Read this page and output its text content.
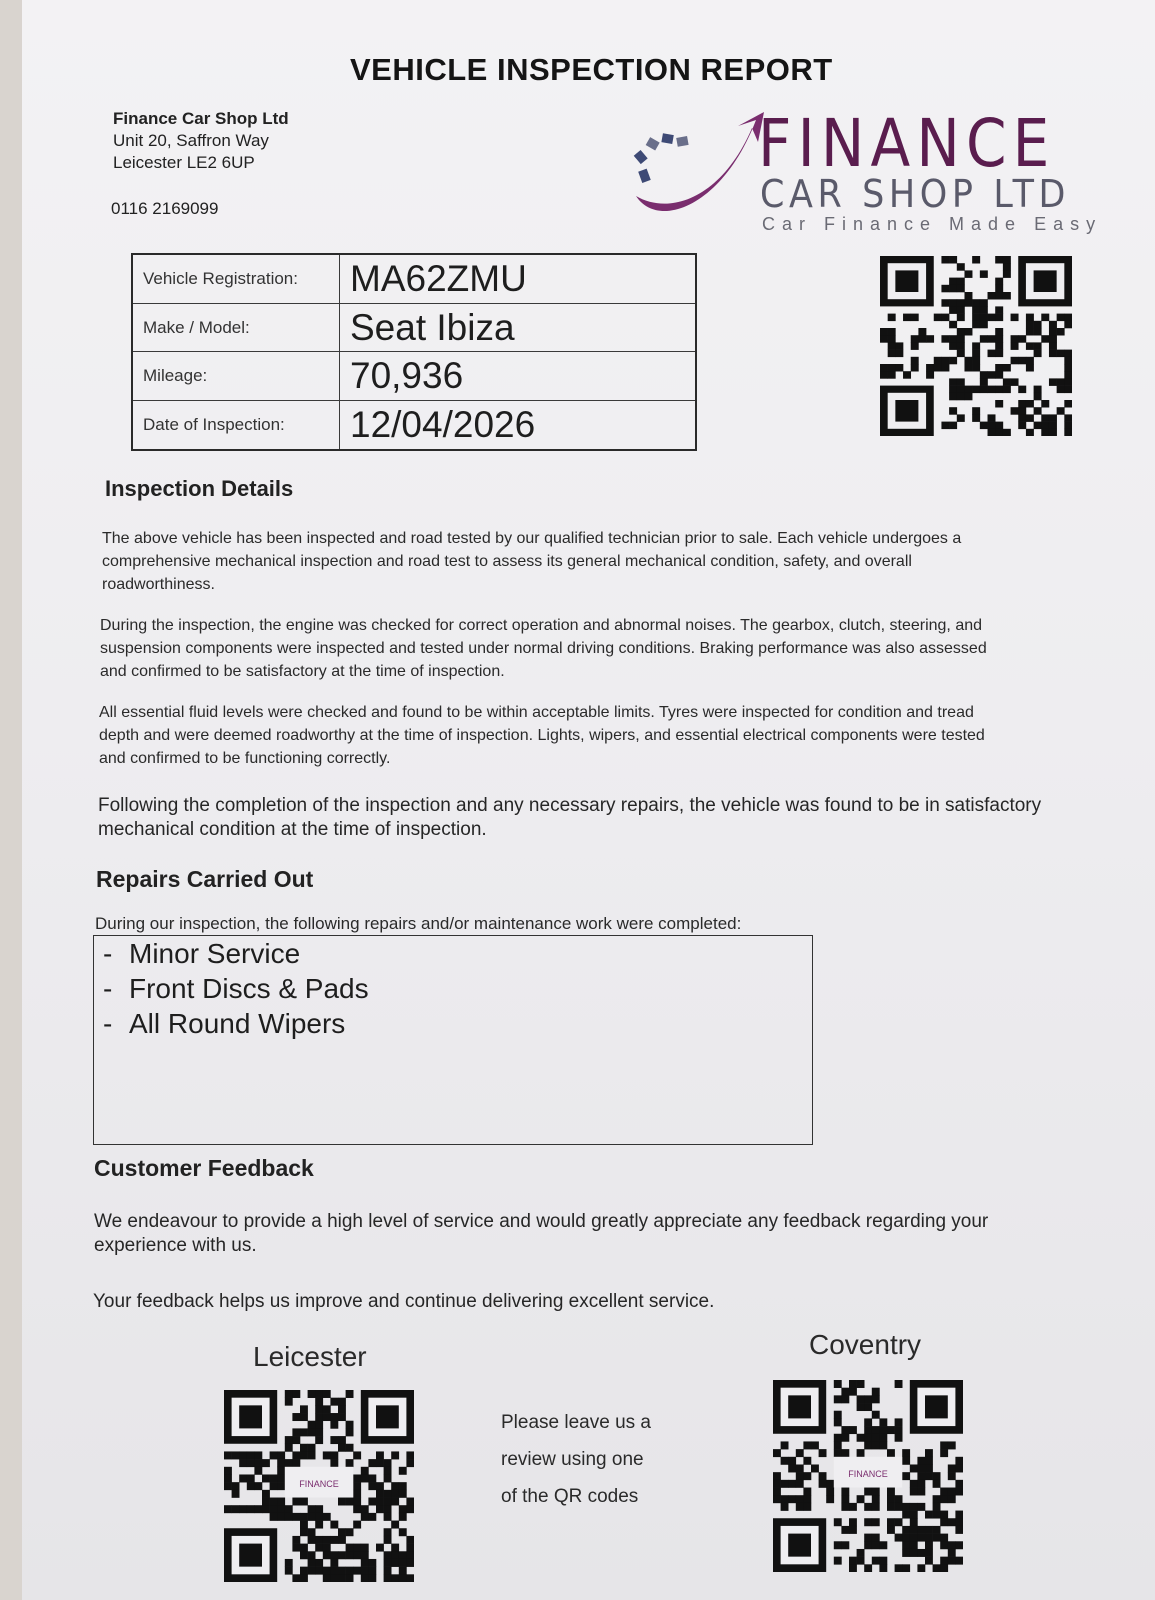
VEHICLE INSPECTION REPORT
Finance Car Shop Ltd
Unit 20, Saffron Way
Leicester LE2 6UP
0116 2169099
FINANCE
CAR SHOP LTD
Car Finance Made Easy
Vehicle Registration:	MA62ZMU
Make / Model:	Seat Ibiza
Mileage:	70,936
Date of Inspection:	12/04/2026
Inspection Details
The above vehicle has been inspected and road tested by our qualified technician prior to sale. Each vehicle undergoes a
comprehensive mechanical inspection and road test to assess its general mechanical condition, safety, and overall
roadworthiness.
During the inspection, the engine was checked for correct operation and abnormal noises. The gearbox, clutch, steering, and
suspension components were inspected and tested under normal driving conditions. Braking performance was also assessed
and confirmed to be satisfactory at the time of inspection.
All essential fluid levels were checked and found to be within acceptable limits. Tyres were inspected for condition and tread
depth and were deemed roadworthy at the time of inspection. Lights, wipers, and essential electrical components were tested
and confirmed to be functioning correctly.
Following the completion of the inspection and any necessary repairs, the vehicle was found to be in satisfactory
mechanical condition at the time of inspection.
Repairs Carried Out
During our inspection, the following repairs and/or maintenance work were completed:
- Minor Service
- Front Discs & Pads
- All Round Wipers
Customer Feedback
We endeavour to provide a high level of service and would greatly appreciate any feedback regarding your
experience with us.
Your feedback helps us improve and continue delivering excellent service.
Leicester	Coventry
FINANCE
FINANCE
Please leave us a
review using one
of the QR codes
